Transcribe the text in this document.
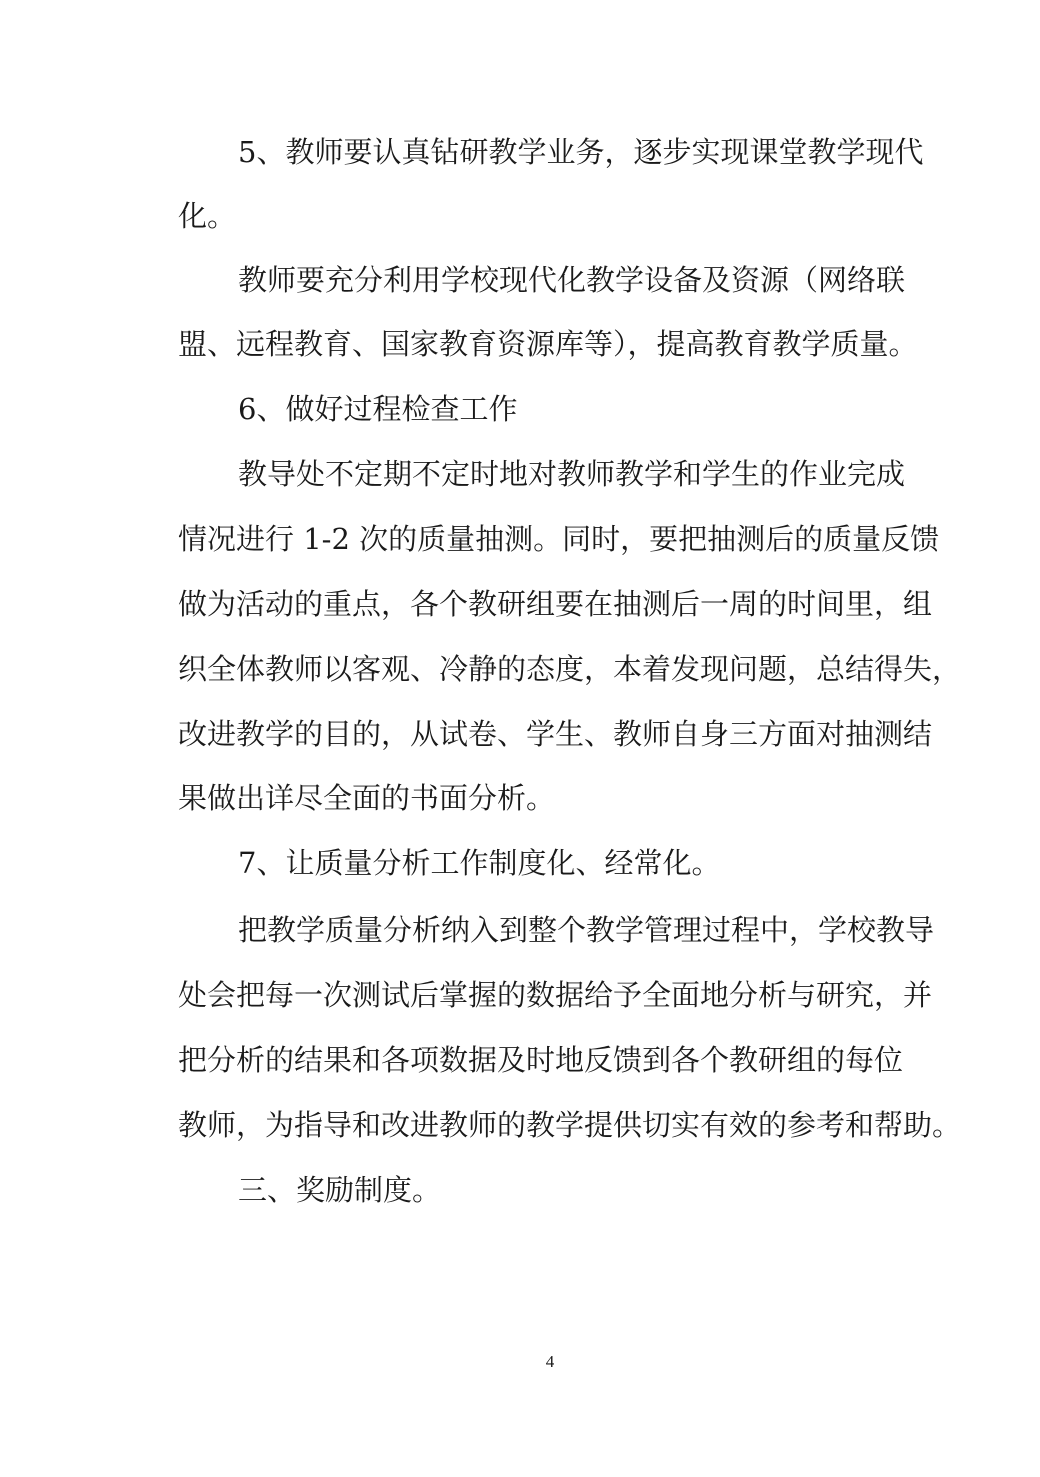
5、教师要认真钻研教学业务，逐步实现课堂教学现代
化。
教师要充分利用学校现代化教学设备及资源（网络联
盟、远程教育、国家教育资源库等），提高教育教学质量。
6、做好过程检查工作
教导处不定期不定时地对教师教学和学生的作业完成
情况进行 1-2 次的质量抽测。同时，要把抽测后的质量反馈
做为活动的重点，各个教研组要在抽测后一周的时间里，组
织全体教师以客观、冷静的态度，本着发现问题，总结得失，
改进教学的目的，从试卷、学生、教师自身三方面对抽测结
果做出详尽全面的书面分析。
7、让质量分析工作制度化、经常化。
把教学质量分析纳入到整个教学管理过程中，学校教导
处会把每一次测试后掌握的数据给予全面地分析与研究，并
把分析的结果和各项数据及时地反馈到各个教研组的每位
教师，为指导和改进教师的教学提供切实有效的参考和帮助。
三、奖励制度。
4
